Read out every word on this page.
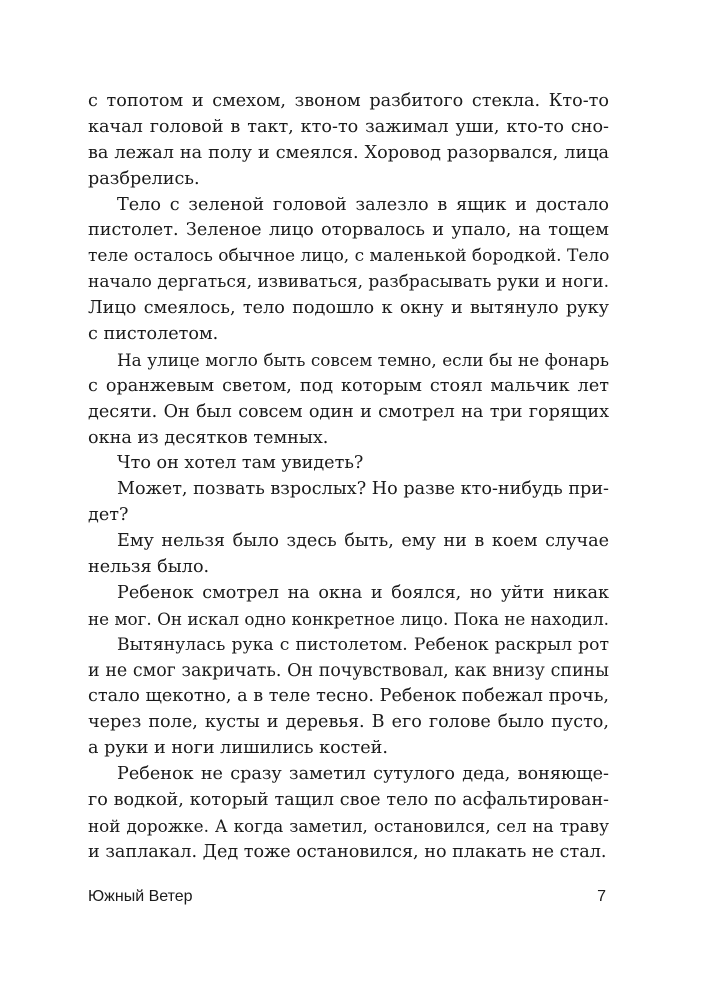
с топотом и смехом, звоном разбитого стекла. Кто-то
качал головой в такт, кто-то зажимал уши, кто-то сно-
ва лежал на полу и смеялся. Хоровод разорвался, лица
разбрелись.
Тело с зеленой головой залезло в ящик и достало
пистолет. Зеленое лицо оторвалось и упало, на тощем
теле осталось обычное лицо, с маленькой бородкой. Тело
начало дергаться, извиваться, разбрасывать руки и ноги.
Лицо смеялось, тело подошло к окну и вытянуло руку
с пистолетом.
На улице могло быть совсем темно, если бы не фонарь
с оранжевым светом, под которым стоял мальчик лет
десяти. Он был совсем один и смотрел на три горящих
окна из десятков темных.
Что он хотел там увидеть?
Может, позвать взрослых? Но разве кто-нибудь при-
дет?
Ему нельзя было здесь быть, ему ни в коем случае
нельзя было.
Ребенок смотрел на окна и боялся, но уйти никак
не мог. Он искал одно конкретное лицо. Пока не находил.
Вытянулась рука с пистолетом. Ребенок раскрыл рот
и не смог закричать. Он почувствовал, как внизу спины
стало щекотно, а в теле тесно. Ребенок побежал прочь,
через поле, кусты и деревья. В его голове было пусто,
а руки и ноги лишились костей.
Ребенок не сразу заметил сутулого деда, воняюще-
го водкой, который тащил свое тело по асфальтирован-
ной дорожке. А когда заметил, остановился, сел на траву
и заплакал. Дед тоже остановился, но плакать не стал.
Южный Ветер	7
